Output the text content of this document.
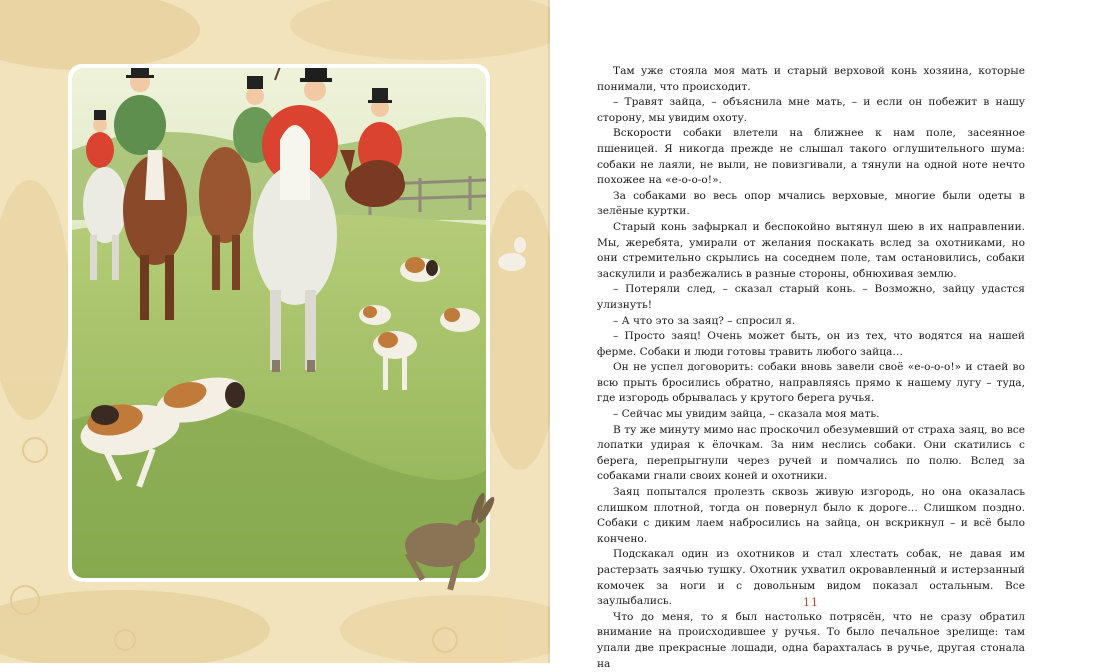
Там уже стояла моя мать и старый верховой конь хозяина, которые понимали, что происходит.

– Травят зайца, – объяснила мне мать, – и если он побежит в нашу сторону, мы увидим охоту.

Вскорости собаки влетели на ближнее к нам поле, засеянное пшеницей. Я никогда прежде не слышал такого оглушительного шума: собаки не лаяли, не выли, не повизгивали, а тянули на одной ноте нечто похожее на «е-о-о-о!».

За собаками во весь опор мчались верховые, многие были одеты в зелёные куртки.

Старый конь зафыркал и беспокойно вытянул шею в их направлении. Мы, жеребята, умирали от желания поскакать вслед за охотниками, но они стремительно скрылись на соседнем поле, там остановились, собаки заскулили и разбежались в разные стороны, обнюхивая землю.

– Потеряли след, – сказал старый конь. – Возможно, зайцу удастся улизнуть!

– А что это за заяц? – спросил я.

– Просто заяц! Очень может быть, он из тех, что водятся на нашей ферме. Собаки и люди готовы травить любого зайца…

Он не успел договорить: собаки вновь завели своё «е-о-о-о!» и стаей во всю прыть бросились обратно, направляясь прямо к нашему лугу – туда, где изгородь обрывалась у крутого берега ручья.

– Сейчас мы увидим зайца, – сказала моя мать.

В ту же минуту мимо нас проскочил обезумевший от страха заяц, во все лопатки удирая к ёлочкам. За ним неслись собаки. Они скатились с берега, перепрыгнули через ручей и помчались по полю. Вслед за собаками гнали своих коней и охотники.

Заяц попытался пролезть сквозь живую изгородь, но она оказалась слишком плотной, тогда он повернул было к дороге… Слишком поздно. Собаки с диким лаем набросились на зайца, он вскрикнул – и всё было кончено.

Подскакал один из охотников и стал хлестать собак, не давая им растерзать заячью тушку. Охотник ухватил окровавленный и истерзанный комочек за ноги и с довольным видом показал остальным. Все заулыбались.

Что до меня, то я был настолько потрясён, что не сразу обратил внимание на происходившее у ручья. То было печальное зрелище: там упали две прекрасные лошади, одна барахталась в ручье, другая стонала на

11
